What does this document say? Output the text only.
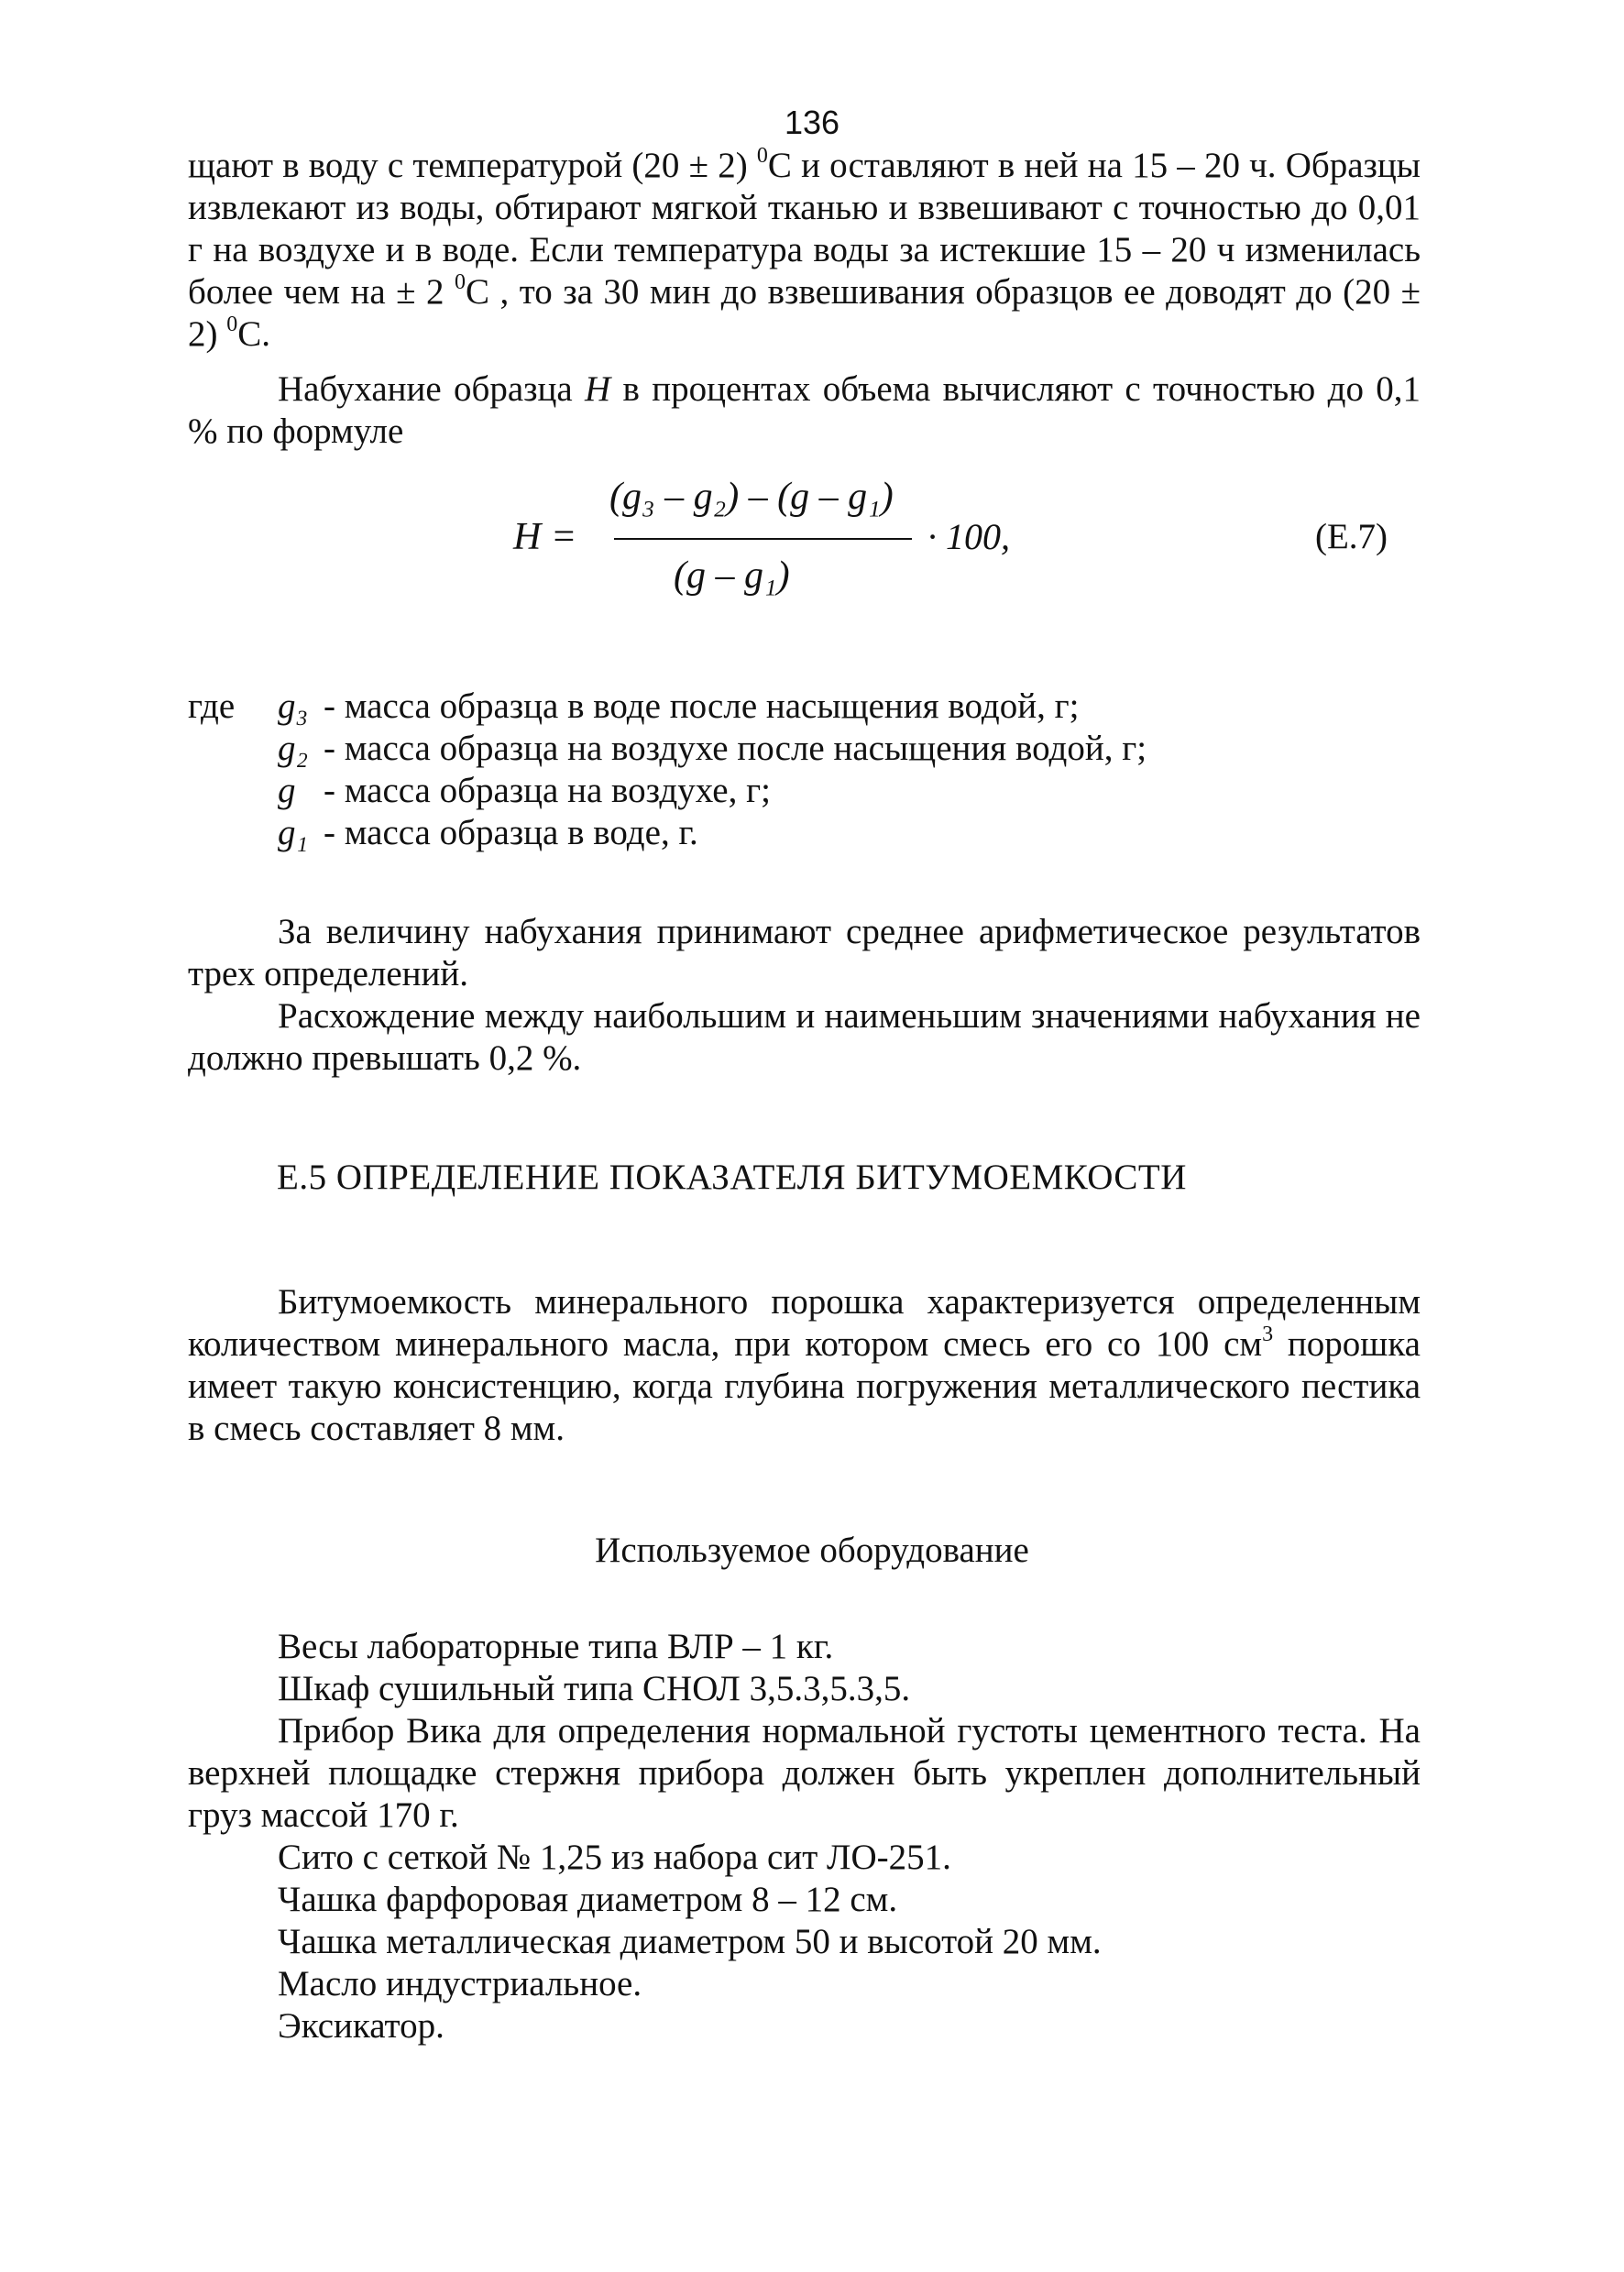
136

щают в воду с температурой (20 ± 2) $^0$С и оставляют в ней на 15 – 20 ч. Образцы извлекают из воды, обтирают мягкой тканью и взвешивают с точностью до 0,01 г на воздухе и в воде. Если температура воды за истекшие 15 – 20 ч изменилась более чем на ± 2 $^0$С , то за 30 мин до взвешивания образцов ее доводят до (20 ± 2) $^0$С.

Набухание образца H в процентах объема вычисляют с точностью до 0,1 % по формуле

H =
(g₃ – g₂) – (g – g₁)
(g – g₁)
· 100,	(Е.7)
где g₃ - масса образца в воде после насыщения водой, г;
g₂ - масса образца на воздухе после насыщения водой, г;
g - масса образца на воздухе, г;
g₁ - масса образца в воде, г.

За величину набухания принимают среднее арифметическое результатов трех определений.

Расхождение между наибольшим и наименьшим значениями набухания не должно превышать 0,2 %.

Е.5 ОПРЕДЕЛЕНИЕ ПОКАЗАТЕЛЯ БИТУМОЕМКОСТИ

Битумоемкость минерального порошка характеризуется определенным количеством минерального масла, при котором смесь его со 100 $см^3$ порошка имеет такую консистенцию, когда глубина погружения металлического пестика в смесь составляет 8 мм.

Используемое оборудование

Весы лабораторные типа ВЛР – 1 кг.

Шкаф сушильный типа СНОЛ 3,5.3,5.3,5.

Прибор Вика для определения нормальной густоты цементного теста. На верхней площадке стержня прибора должен быть укреплен дополнительный груз массой 170 г.

Сито с сеткой № 1,25 из набора сит ЛО-251.

Чашка фарфоровая диаметром 8 – 12 см.

Чашка металлическая диаметром 50 и высотой 20 мм.

Масло индустриальное.

Эксикатор.
